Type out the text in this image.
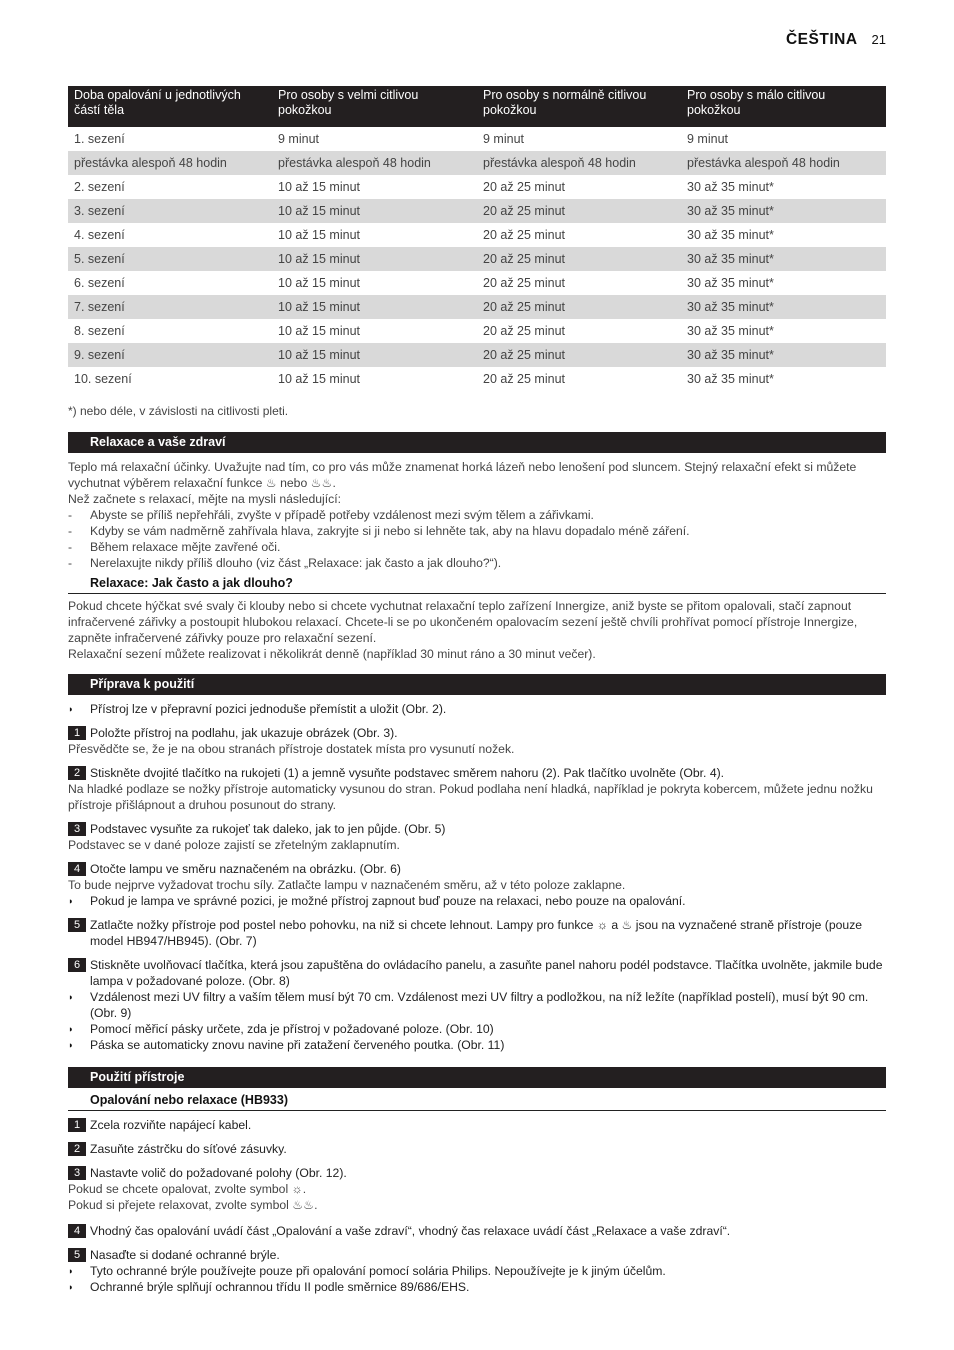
ČEŠTINA 21
Doba opalování u jednotlivých částí těla	Pro osoby s velmi citlivou pokožkou	Pro osoby s normálně citlivou pokožkou	Pro osoby s málo citlivou pokožkou
1. sezení	9 minut	9 minut	9 minut
přestávka alespoň 48 hodin	přestávka alespoň 48 hodin	přestávka alespoň 48 hodin	přestávka alespoň 48 hodin
2. sezení	10 až 15 minut	20 až 25 minut	30 až 35 minut*
3. sezení	10 až 15 minut	20 až 25 minut	30 až 35 minut*
4. sezení	10 až 15 minut	20 až 25 minut	30 až 35 minut*
5. sezení	10 až 15 minut	20 až 25 minut	30 až 35 minut*
6. sezení	10 až 15 minut	20 až 25 minut	30 až 35 minut*
7. sezení	10 až 15 minut	20 až 25 minut	30 až 35 minut*
8. sezení	10 až 15 minut	20 až 25 minut	30 až 35 minut*
9. sezení	10 až 15 minut	20 až 25 minut	30 až 35 minut*
10. sezení	10 až 15 minut	20 až 25 minut	30 až 35 minut*
*) nebo déle, v závislosti na citlivosti pleti.
Relaxace a vaše zdraví

Teplo má relaxační účinky. Uvažujte nad tím, co pro vás může znamenat horká lázeň nebo lenošení pod sluncem. Stejný relaxační efekt si můžete vychutnat výběrem relaxační funkce ♨ nebo ♨♨.

Než začnete s relaxací, mějte na mysli následující:

-	Abyste se příliš nepřehřáli, zvyšte v případě potřeby vzdálenost mezi svým tělem a zářivkami.
-	Kdyby se vám nadměrně zahřívala hlava, zakryjte si ji nebo si lehněte tak, aby na hlavu dopadalo méně záření.
-	Během relaxace mějte zavřené oči.
-	Nerelaxujte nikdy příliš dlouho (viz část „Relaxace: jak často a jak dlouho?“).
Relaxace: Jak často a jak dlouho?

Pokud chcete hýčkat své svaly či klouby nebo si chcete vychutnat relaxační teplo zařízení Innergize, aniž byste se přitom opalovali, stačí zapnout infračervené zářivky a postoupit hlubokou relaxací. Chcete-li se po ukončeném opalovacím sezení ještě chvíli prohřívat pomocí přístroje Innergize, zapněte infračervené zářivky pouze pro relaxační sezení.

Relaxační sezení můžete realizovat i několikrát denně (například 30 minut ráno a 30 minut večer).

Příprava k použití
◗	Přístroj lze v přepravní pozici jednoduše přemístit a uložit (Obr. 2).
1 Položte přístroj na podlahu, jak ukazuje obrázek (Obr. 3).

Přesvědčte se, že je na obou stranách přístroje dostatek místa pro vysunutí nožek.

2 Stiskněte dvojité tlačítko na rukojeti (1) a jemně vysuňte podstavec směrem nahoru (2). Pak tlačítko uvolněte (Obr. 4).

Na hladké podlaze se nožky přístroje automaticky vysunou do stran. Pokud podlaha není hladká, například je pokryta kobercem, můžete jednu nožku přístroje přišlápnout a druhou posunout do strany.

3 Podstavec vysuňte za rukojeť tak daleko, jak to jen půjde. (Obr. 5)

Podstavec se v dané poloze zajistí se zřetelným zaklapnutím.

4 Otočte lampu ve směru naznačeném na obrázku. (Obr. 6)

To bude nejprve vyžadovat trochu síly. Zatlačte lampu v naznačeném směru, až v této poloze zaklapne.

◗	Pokud je lampa ve správné pozici, je možné přístroj zapnout buď pouze na relaxaci, nebo pouze na opalování.
5 Zatlačte nožky přístroje pod postel nebo pohovku, na niž si chcete lehnout. Lampy pro funkce ☼ a ♨ jsou na vyznačené straně přístroje (pouze model HB947/HB945). (Obr. 7)
6 Stiskněte uvolňovací tlačítka, která jsou zapuštěna do ovládacího panelu, a zasuňte panel nahoru podél podstavce. Tlačítka uvolněte, jakmile bude lampa v požadované poloze. (Obr. 8)
◗	Vzdálenost mezi UV filtry a vaším tělem musí být 70 cm. Vzdálenost mezi UV filtry a podložkou, na níž ležíte (například postelí), musí být 90 cm. (Obr. 9)
◗	Pomocí měřicí pásky určete, zda je přístroj v požadované poloze. (Obr. 10)
◗	Páska se automaticky znovu navine při zatažení červeného poutka. (Obr. 11)
Použití přístroje
Opalování nebo relaxace (HB933)
1 Zcela rozviňte napájecí kabel.
2 Zasuňte zástrčku do síťové zásuvky.
3 Nastavte volič do požadované polohy (Obr. 12).

Pokud se chcete opalovat, zvolte symbol ☼.

Pokud si přejete relaxovat, zvolte symbol ♨♨.

4 Vhodný čas opalování uvádí část „Opalování a vaše zdraví“, vhodný čas relaxace uvádí část „Relaxace a vaše zdraví“.
5 Nasaďte si dodané ochranné brýle.
◗	Tyto ochranné brýle používejte pouze při opalování pomocí solária Philips. Nepoužívejte je k jiným účelům.
◗	Ochranné brýle splňují ochrannou třídu II podle směrnice 89/686/EHS.
